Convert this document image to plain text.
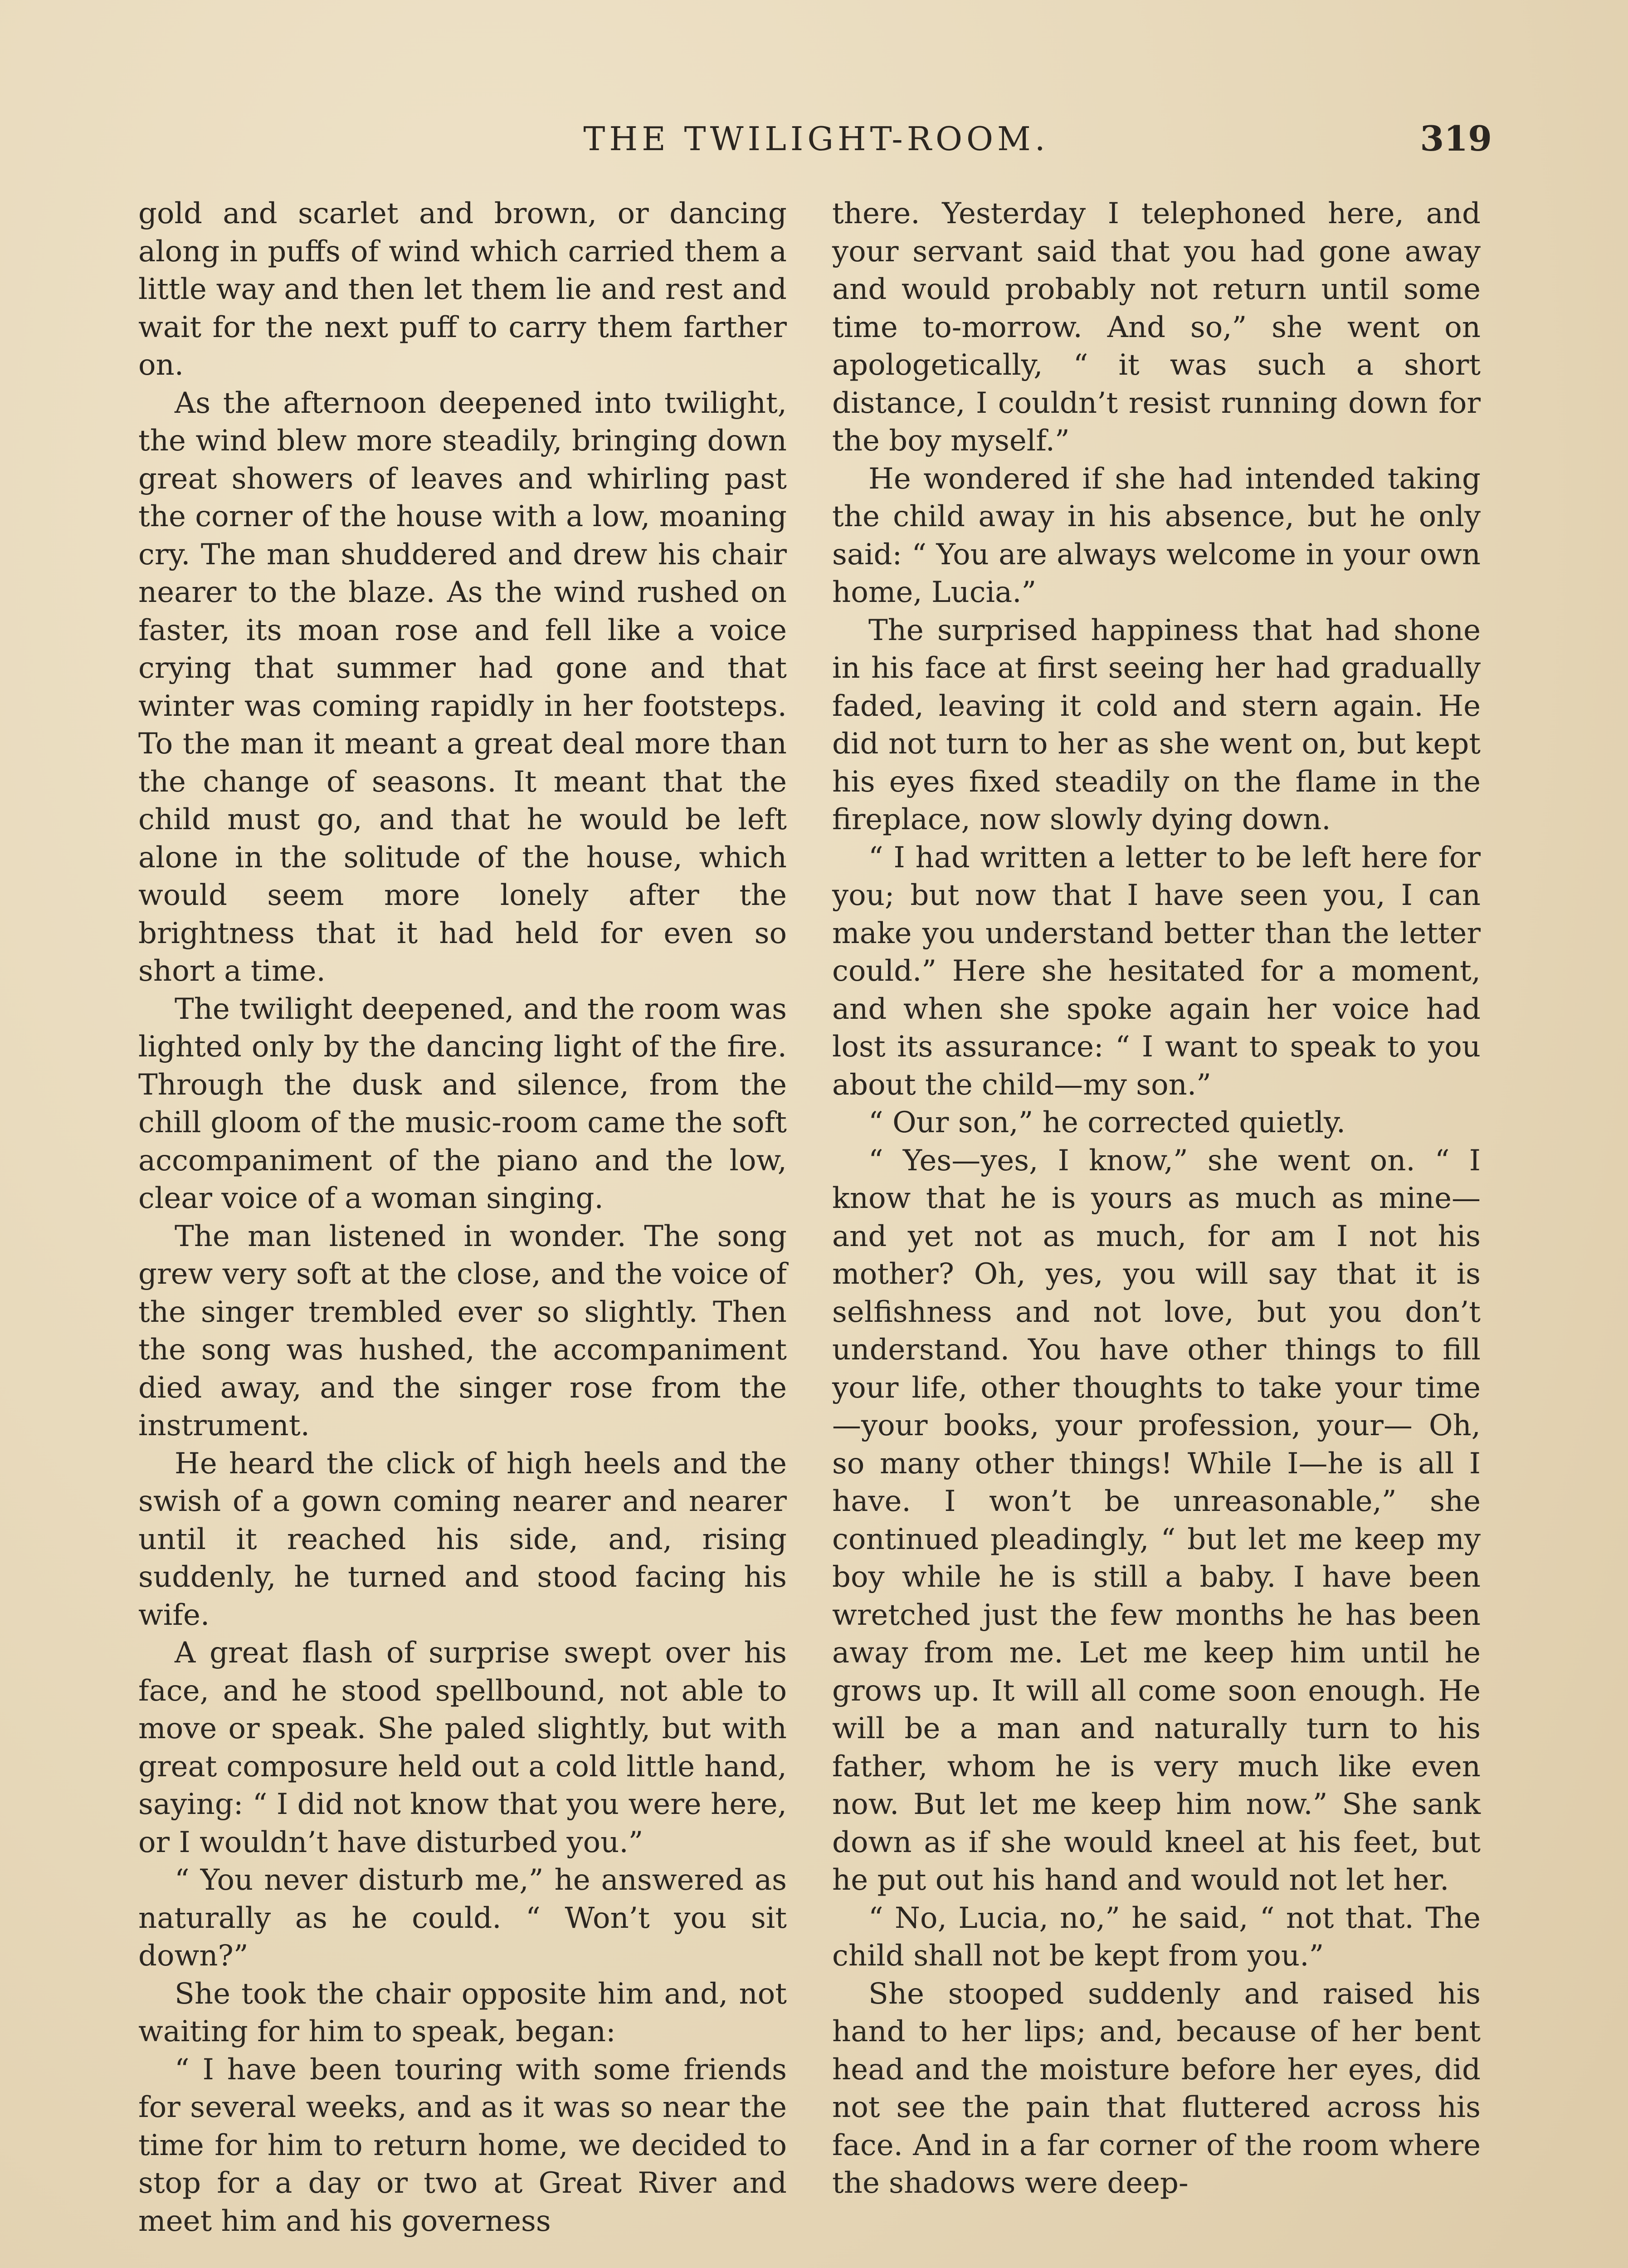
THE TWILIGHT-ROOM.	319

gold and scarlet and brown, or dancing along in puffs of wind which carried them a little way and then let them lie and rest and wait for the next puff to carry them farther on.

As the afternoon deepened into twilight, the wind blew more steadily, bringing down great showers of leaves and whirling past the corner of the house with a low, moaning cry. The man shuddered and drew his chair nearer to the blaze. As the wind rushed on faster, its moan rose and fell like a voice crying that summer had gone and that winter was coming rapidly in her footsteps. To the man it meant a great deal more than the change of seasons. It meant that the child must go, and that he would be left alone in the solitude of the house, which would seem more lonely after the brightness that it had held for even so short a time.

The twilight deepened, and the room was lighted only by the dancing light of the fire. Through the dusk and silence, from the chill gloom of the music-room came the soft accompaniment of the piano and the low, clear voice of a woman singing.

The man listened in wonder. The song grew very soft at the close, and the voice of the singer trembled ever so slightly. Then the song was hushed, the accompaniment died away, and the singer rose from the instrument.

He heard the click of high heels and the swish of a gown coming nearer and nearer until it reached his side, and, rising suddenly, he turned and stood facing his wife.

A great flash of surprise swept over his face, and he stood spellbound, not able to move or speak. She paled slightly, but with great composure held out a cold little hand, saying: “ I did not know that you were here, or I wouldn’t have disturbed you.”

“ You never disturb me,” he answered as naturally as he could. “ Won’t you sit down?”

She took the chair opposite him and, not waiting for him to speak, began:

“ I have been touring with some friends for several weeks, and as it was so near the time for him to return home, we decided to stop for a day or two at Great River and meet him and his governess

there. Yesterday I telephoned here, and your servant said that you had gone away and would probably not return until some time to-morrow. And so,” she went on apologetically, “ it was such a short distance, I couldn’t resist running down for the boy myself.”

He wondered if she had intended taking the child away in his absence, but he only said: “ You are always welcome in your own home, Lucia.”

The surprised happiness that had shone in his face at first seeing her had gradually faded, leaving it cold and stern again. He did not turn to her as she went on, but kept his eyes fixed steadily on the flame in the fireplace, now slowly dying down.

“ I had written a letter to be left here for you; but now that I have seen you, I can make you understand better than the letter could.” Here she hesitated for a moment, and when she spoke again her voice had lost its assurance: “ I want to speak to you about the child—my son.”

“ Our son,” he corrected quietly.

“ Yes—yes, I know,” she went on. “ I know that he is yours as much as mine—and yet not as much, for am I not his mother? Oh, yes, you will say that it is selfishness and not love, but you don’t understand. You have other things to fill your life, other thoughts to take your time—your books, your profession, your— Oh, so many other things! While I—he is all I have. I won’t be unreasonable,” she continued pleadingly, “ but let me keep my boy while he is still a baby. I have been wretched just the few months he has been away from me. Let me keep him until he grows up. It will all come soon enough. He will be a man and naturally turn to his father, whom he is very much like even now. But let me keep him now.” She sank down as if she would kneel at his feet, but he put out his hand and would not let her.

“ No, Lucia, no,” he said, “ not that. The child shall not be kept from you.”

She stooped suddenly and raised his hand to her lips; and, because of her bent head and the moisture before her eyes, did not see the pain that fluttered across his face. And in a far corner of the room where the shadows were deep-
